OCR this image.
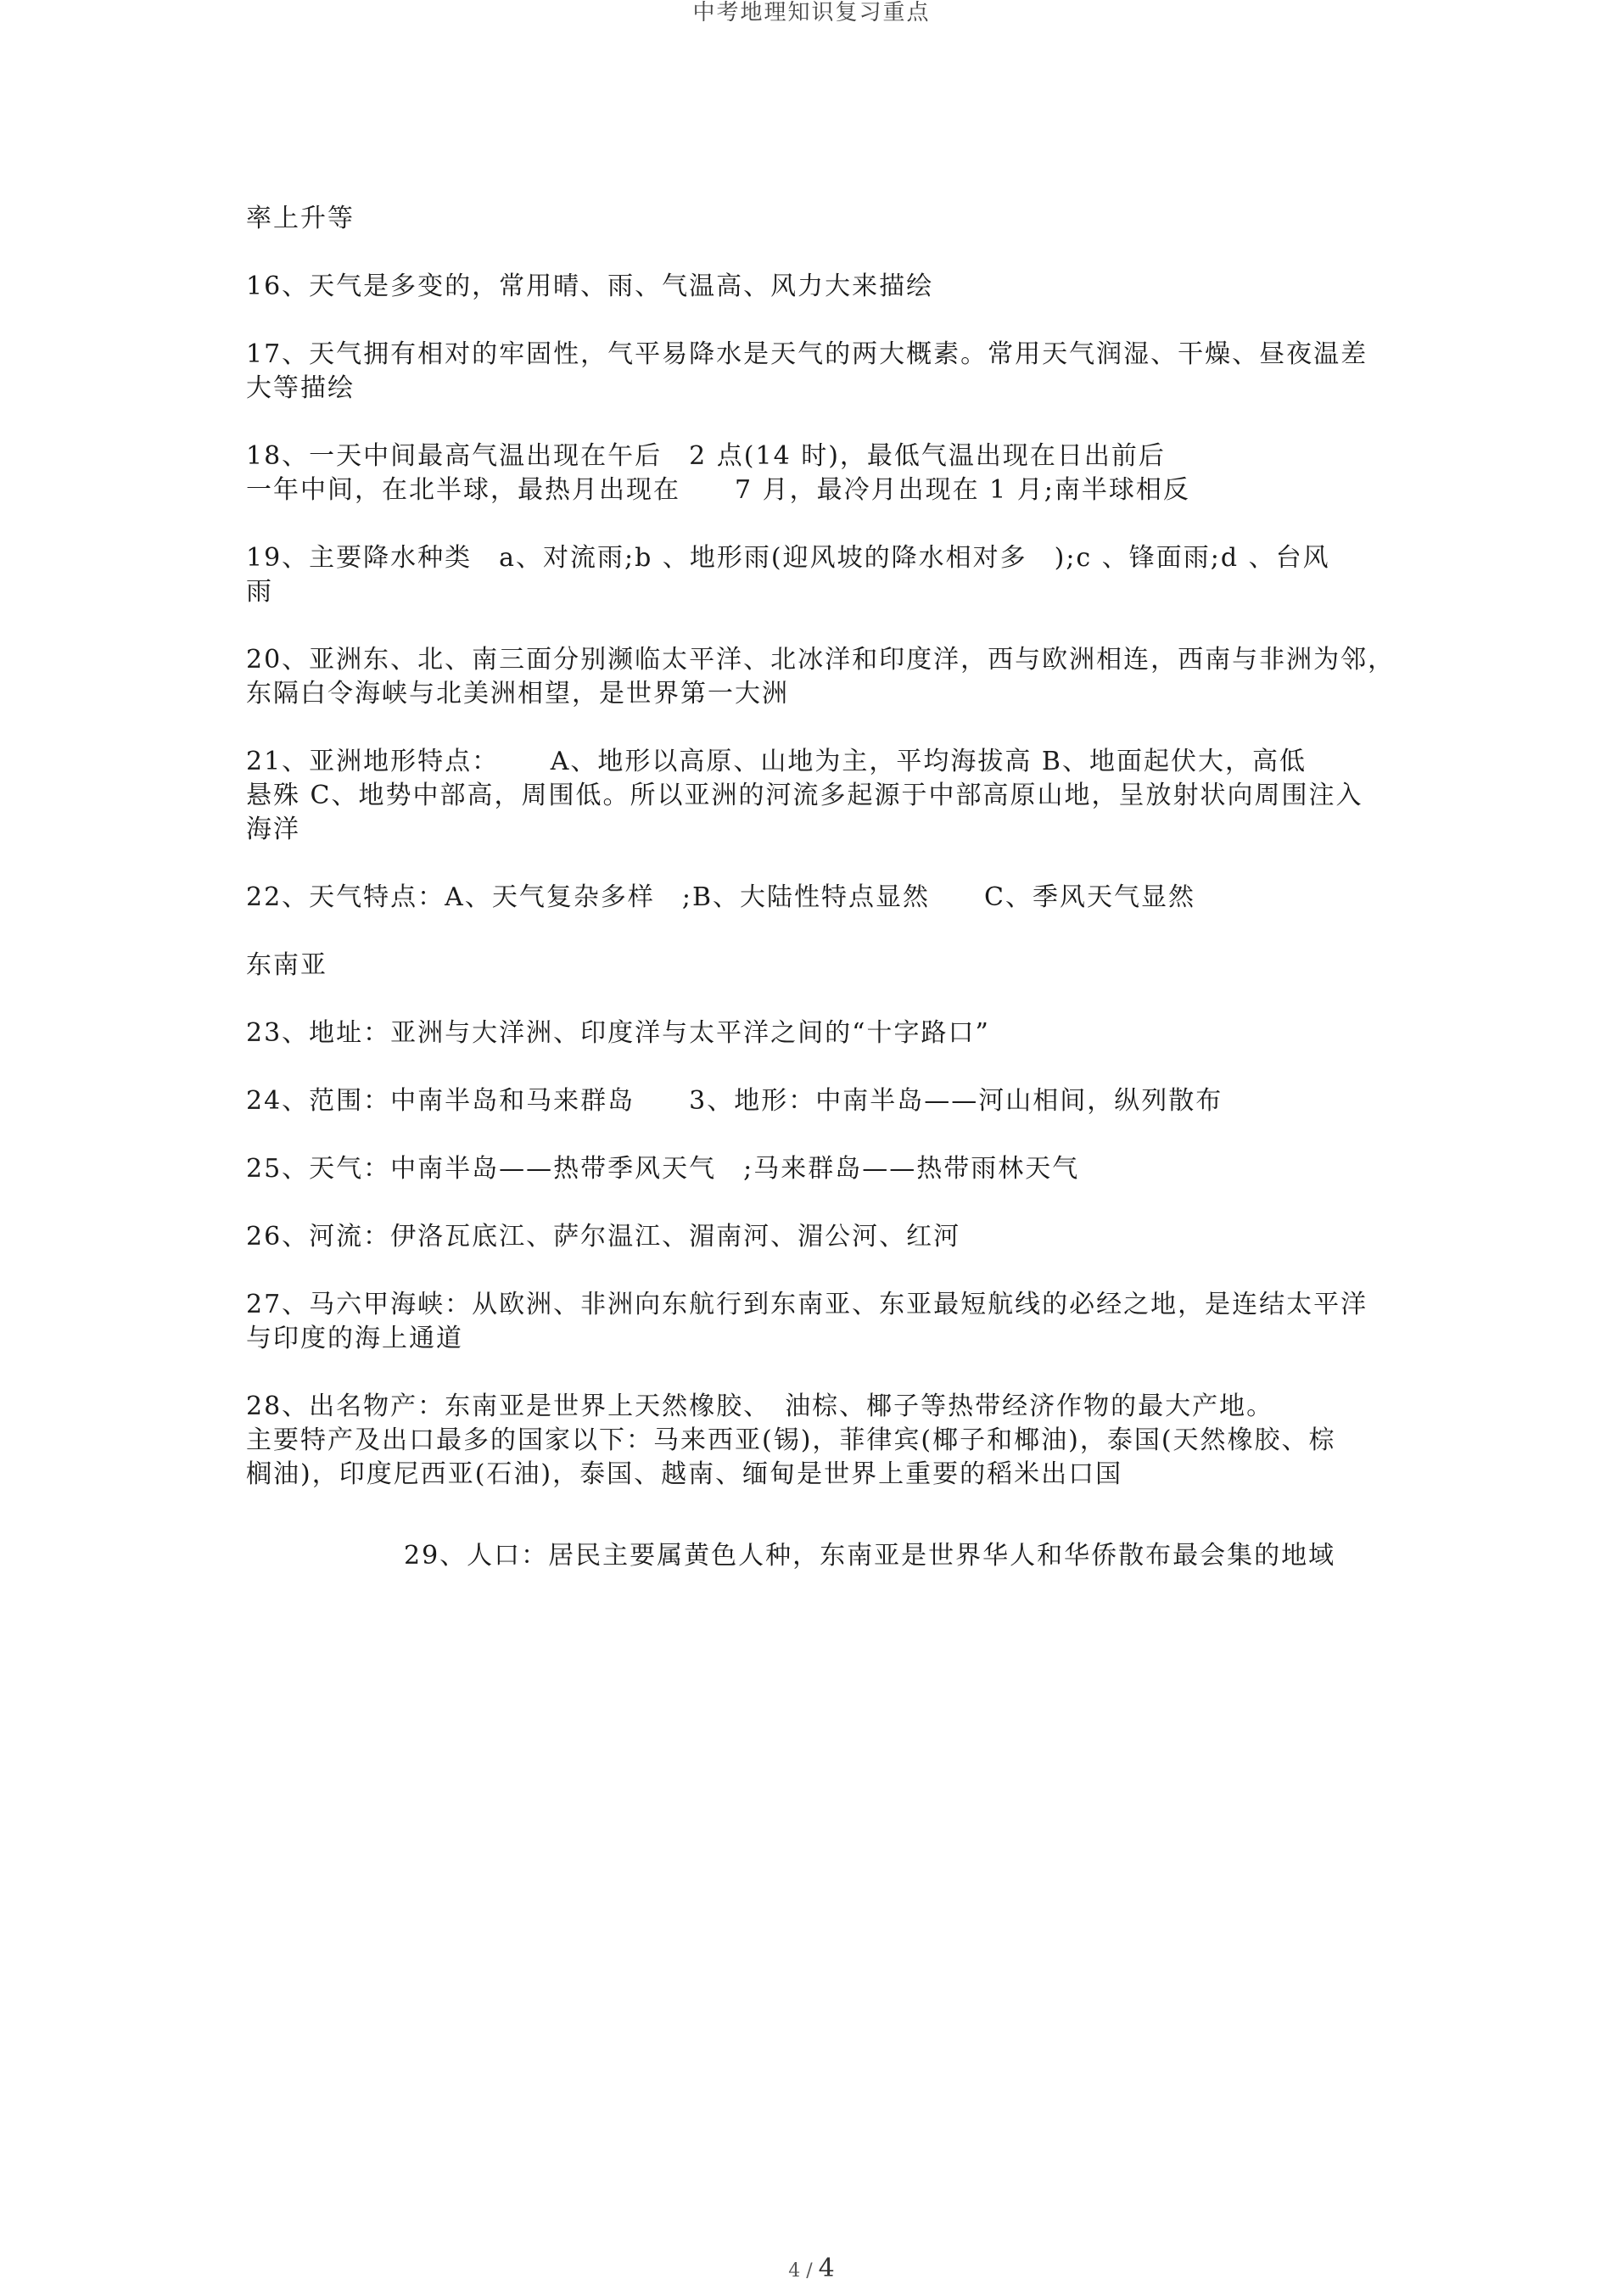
中考地理知识复习重点
率上升等
16、天气是多变的，常用晴、雨、气温高、风力大来描绘
17、天气拥有相对的牢固性，气平易降水是天气的两大概素。常用天气润湿、干燥、昼夜温差
大等描绘
18、一天中间最高气温出现在午后　2 点(14 时)，最低气温出现在日出前后
一年中间，在北半球，最热月出现在　　7 月，最冷月出现在 1 月;南半球相反
19、主要降水种类　a、对流雨;b 、地形雨(迎风坡的降水相对多　);c 、锋面雨;d 、台风
雨
20、亚洲东、北、南三面分别濒临太平洋、北冰洋和印度洋，西与欧洲相连，西南与非洲为邻，
东隔白令海峡与北美洲相望，是世界第一大洲
21、亚洲地形特点：　　 A、地形以高原、山地为主，平均海拔高 B、地面起伏大，高低
悬殊 C、地势中部高，周围低。所以亚洲的河流多起源于中部高原山地，呈放射状向周围注入
海洋
22、天气特点：A、天气复杂多样　;B、大陆性特点显然　　C、季风天气显然
东南亚
23、地址：亚洲与大洋洲、印度洋与太平洋之间的“十字路口”
24、范围：中南半岛和马来群岛　　3、地形：中南半岛——河山相间，纵列散布
25、天气：中南半岛——热带季风天气　;马来群岛——热带雨林天气
26、河流：伊洛瓦底江、萨尔温江、湄南河、湄公河、红河
27、马六甲海峡：从欧洲、非洲向东航行到东南亚、东亚最短航线的必经之地，是连结太平洋
与印度的海上通道
28、出名物产：东南亚是世界上天然橡胶、　油棕、椰子等热带经济作物的最大产地。
主要特产及出口最多的国家以下：马来西亚(锡)，菲律宾(椰子和椰油)，泰国(天然橡胶、棕
榈油)，印度尼西亚(石油)，泰国、越南、缅甸是世界上重要的稻米出口国
29、人口：居民主要属黄色人种，东南亚是世界华人和华侨散布最会集的地域
4 / 4
